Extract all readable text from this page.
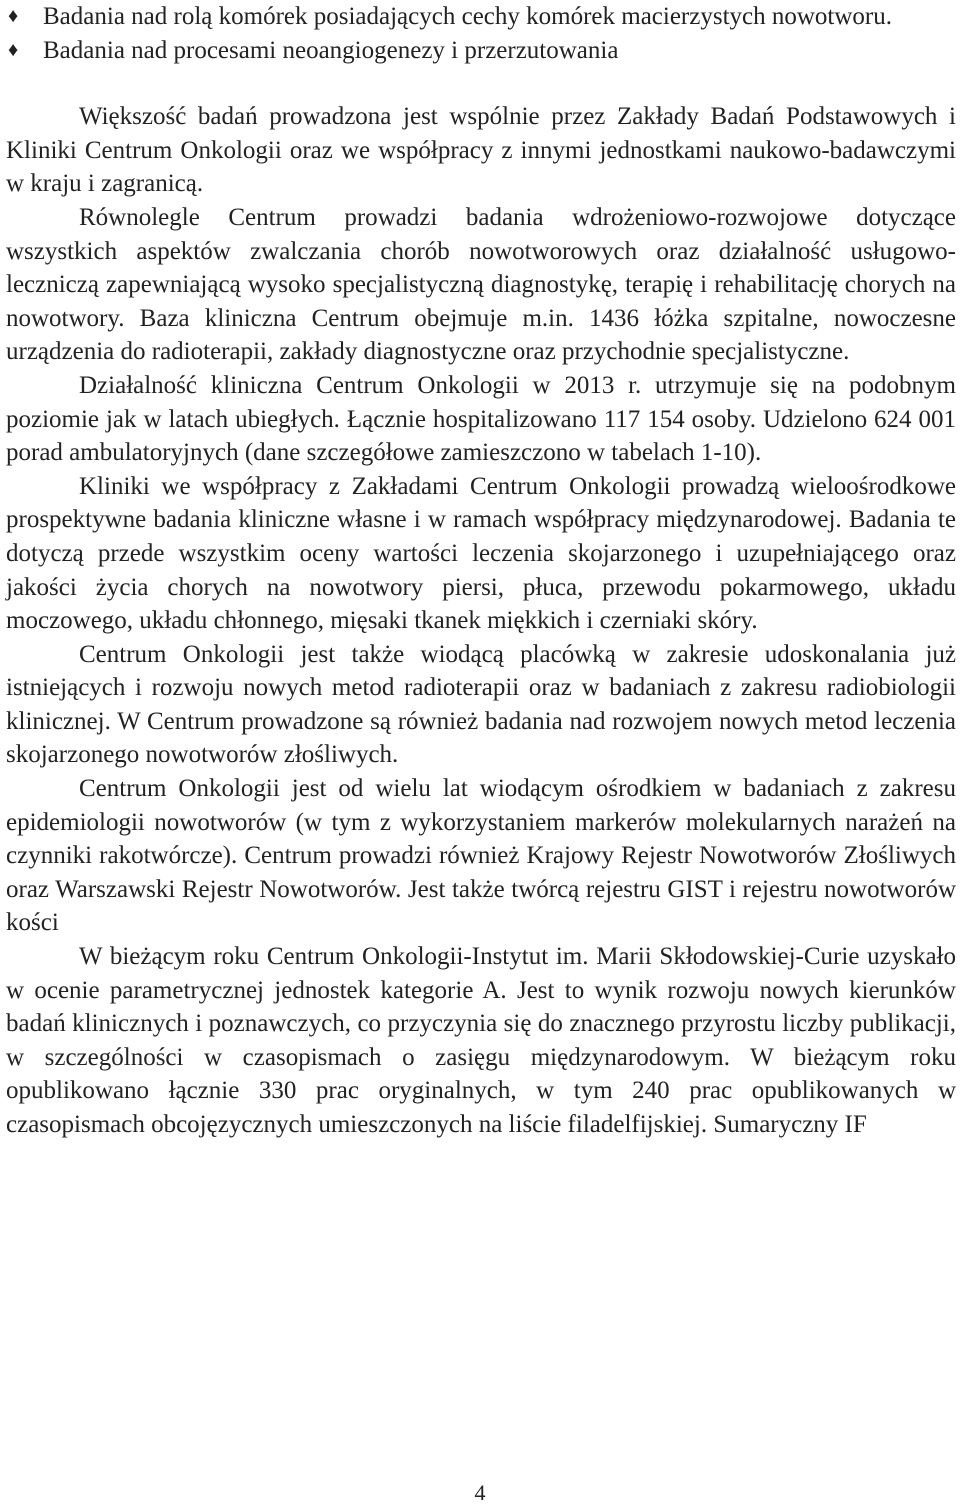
♦ Badania nad rolą komórek posiadających cechy komórek macierzystych nowotworu.
♦ Badania nad procesami neoangiogenezy i przerzutowania

Większość badań prowadzona jest wspólnie przez Zakłady Badań Podstawowych i Kliniki Centrum Onkologii oraz we współpracy z innymi jednostkami naukowo-badawczymi w kraju i zagranicą.

Równolegle Centrum prowadzi badania wdrożeniowo-rozwojowe dotyczące wszystkich aspektów zwalczania chorób nowotworowych oraz działalność usługowo-leczniczą zapewniającą wysoko specjalistyczną diagnostykę, terapię i rehabilitację chorych na nowotwory. Baza kliniczna Centrum obejmuje m.in. 1436 łóżka szpitalne, nowoczesne urządzenia do radioterapii, zakłady diagnostyczne oraz przychodnie specjalistyczne.

Działalność kliniczna Centrum Onkologii w 2013 r. utrzymuje się na podobnym poziomie jak w latach ubiegłych. Łącznie hospitalizowano 117 154 osoby. Udzielono 624 001 porad ambulatoryjnych (dane szczegółowe zamieszczono w tabelach 1-10).

Kliniki we współpracy z Zakładami Centrum Onkologii prowadzą wieloośrodkowe prospektywne badania kliniczne własne i w ramach współpracy międzynarodowej. Badania te dotyczą przede wszystkim oceny wartości leczenia skojarzonego i uzupełniającego oraz jakości życia chorych na nowotwory piersi, płuca, przewodu pokarmowego, układu moczowego, układu chłonnego, mięsaki tkanek miękkich i czerniaki skóry.

Centrum Onkologii jest także wiodącą placówką w zakresie udoskonalania już istniejących i rozwoju nowych metod radioterapii oraz w badaniach z zakresu radiobiologii klinicznej. W Centrum prowadzone są również badania nad rozwojem nowych metod leczenia skojarzonego nowotworów złośliwych.

Centrum Onkologii jest od wielu lat wiodącym ośrodkiem w badaniach z zakresu epidemiologii nowotworów (w tym z wykorzystaniem markerów molekularnych narażeń na czynniki rakotwórcze). Centrum prowadzi również Krajowy Rejestr Nowotworów Złośliwych oraz Warszawski Rejestr Nowotworów. Jest także twórcą rejestru GIST i rejestru nowotworów kości

W bieżącym roku Centrum Onkologii-Instytut im. Marii Skłodowskiej-Curie uzyskało w ocenie parametrycznej jednostek kategorie A. Jest to wynik rozwoju nowych kierunków badań klinicznych i poznawczych, co przyczynia się do znacznego przyrostu liczby publikacji, w szczególności w czasopismach o zasięgu międzynarodowym. W bieżącym roku opublikowano łącznie 330 prac oryginalnych, w tym 240 prac opublikowanych w czasopismach obcojęzycznych umieszczonych na liście filadelfijskiej. Sumaryczny IF

4
